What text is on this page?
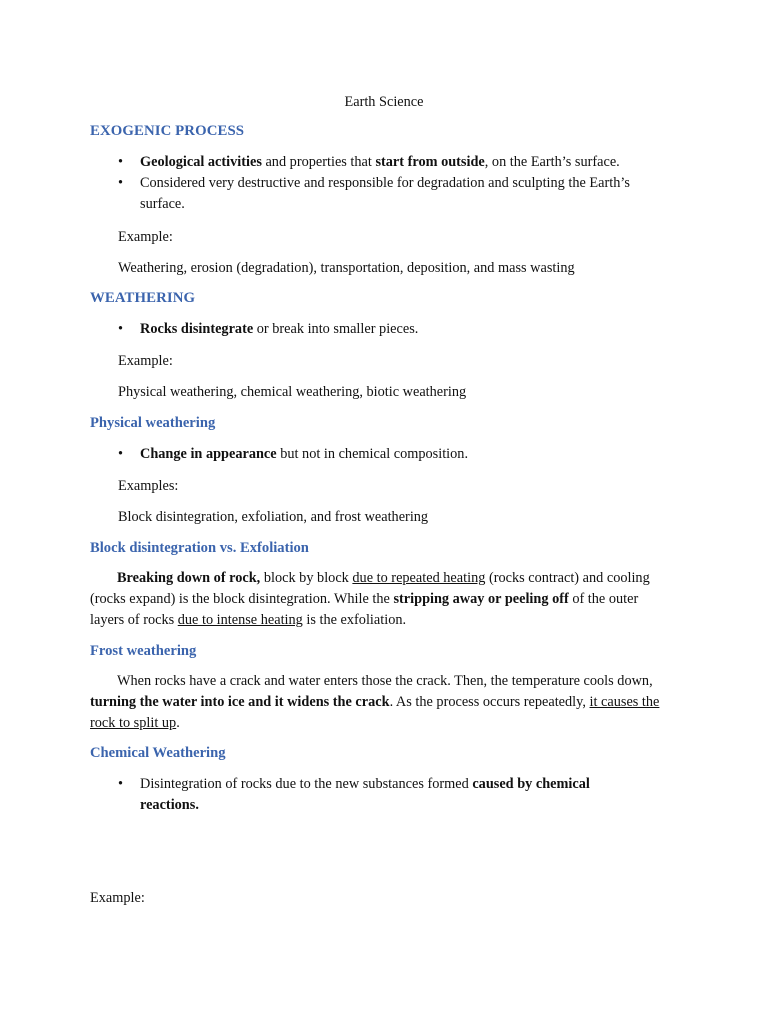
Earth Science
EXOGENIC PROCESS
•	Geological activities and properties that start from outside, on the Earth’s surface.
•	Considered very destructive and responsible for degradation and sculpting the Earth’s surface.
Example:
Weathering, erosion (degradation), transportation, deposition, and mass wasting
WEATHERING
•	Rocks disintegrate or break into smaller pieces.
Example:
Physical weathering, chemical weathering, biotic weathering
Physical weathering
•	Change in appearance but not in chemical composition.
Examples:
Block disintegration, exfoliation, and frost weathering
Block disintegration vs. Exfoliation
Breaking down of rock, block by block due to repeated heating (rocks contract) and cooling (rocks expand) is the block disintegration. While the stripping away or peeling off of the outer layers of rocks due to intense heating is the exfoliation.
Frost weathering
When rocks have a crack and water enters those the crack. Then, the temperature cools down, turning the water into ice and it widens the crack. As the process occurs repeatedly, it causes the rock to split up.
Chemical Weathering
•	Disintegration of rocks due to the new substances formed caused by chemical reactions.
Example:
